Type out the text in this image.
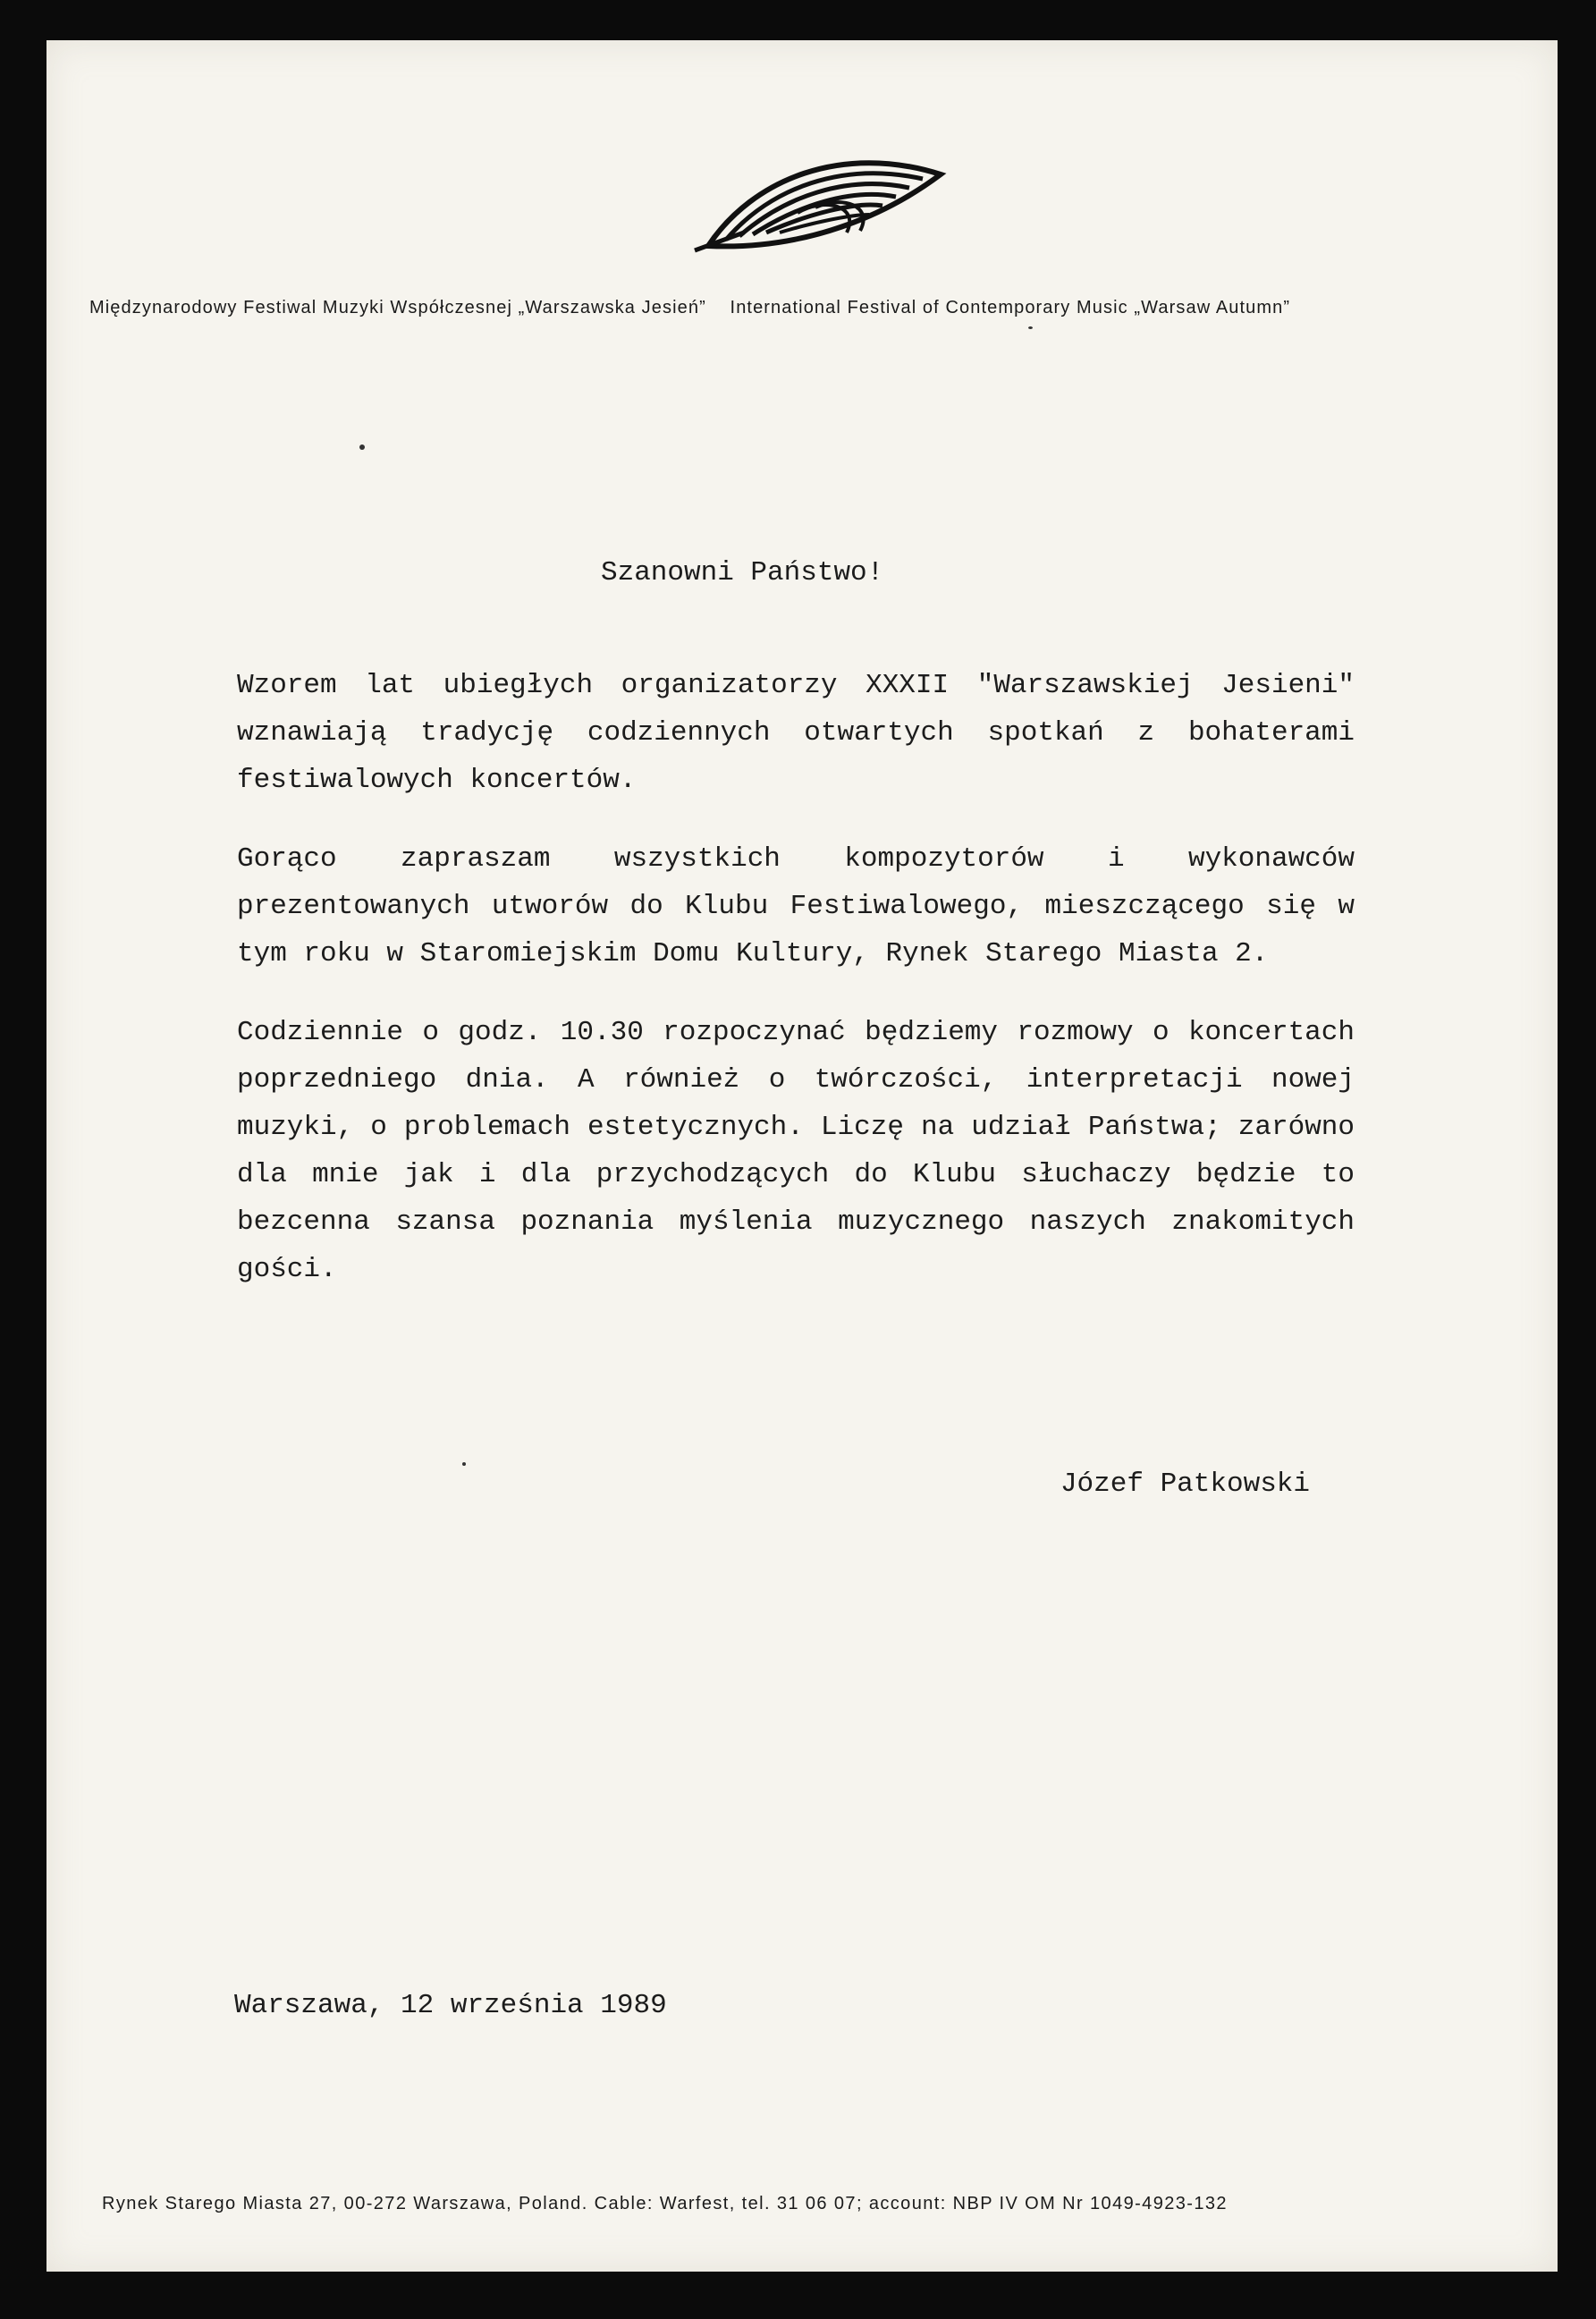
Międzynarodowy Festiwal Muzyki Współczesnej „Warszawska Jesień” International Festival of Contemporary Music „Warsaw Autumn”
Szanowni Państwo!

Wzorem lat ubiegłych organizatorzy XXXII "Warszawskiej Jesieni" wznawiają tradycję codziennych otwartych spotkań z bohaterami festiwalowych koncertów.

Gorąco zapraszam wszystkich kompozytorów i wykonawców prezentowanych utworów do Klubu Festiwalowego, mieszczącego się w tym roku w Staromiejskim Domu Kultury, Rynek Starego Miasta 2.

Codziennie o godz. 10.30 rozpoczynać będziemy rozmowy o koncertach poprzedniego dnia. A również o twórczości, interpretacji nowej muzyki, o problemach estetycznych. Liczę na udział Państwa; zarówno dla mnie jak i dla przychodzących do Klubu słuchaczy będzie to bezcenna szansa poznania myślenia muzycznego naszych znakomitych gości.

Józef Patkowski
Warszawa, 12 września 1989
Rynek Starego Miasta 27, 00-272 Warszawa, Poland. Cable: Warfest, tel. 31 06 07; account: NBP IV OM Nr 1049-4923-132
